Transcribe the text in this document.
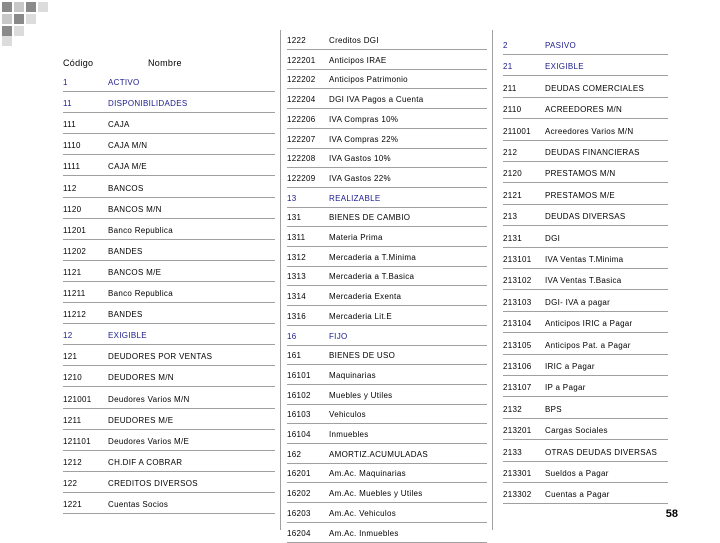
Código	Nombre
1	ACTIVO
11	DISPONIBILIDADES
111	CAJA
1110	CAJA M/N
1111	CAJA M/E
112	BANCOS
1120	BANCOS M/N
11201	Banco Republica
11202	BANDES
1121	BANCOS M/E
11211	Banco Republica
11212	BANDES
12	EXIGIBLE
121	DEUDORES POR VENTAS
1210	DEUDORES M/N
121001 Deudores Varios M/N
1211	DEUDORES M/E
121101 Deudores Varios M/E
1212	CH.DIF A COBRAR
122	CREDITOS DIVERSOS
1221	Cuentas Socios
1222	Creditos DGI
122201 Anticipos IRAE
122202 Anticipos Patrimonio
122204 DGI IVA Pagos a Cuenta
122206 IVA Compras 10%
122207 IVA Compras 22%
122208 IVA Gastos 10%
122209 IVA Gastos 22%
13	REALIZABLE
131	BIENES DE CAMBIO
1311	Materia Prima
1312	Mercaderia a T.Minima
1313	Mercaderia a T.Basica
1314	Mercaderia Exenta
1316	Mercaderia Lit.E
16	FIJO
161	BIENES DE USO
16101 Maquinarias
16102 Muebles y Utiles
16103 Vehiculos
16104 Inmuebles
162	AMORTIZ.ACUMULADAS
16201 Am.Ac. Maquinarias
16202 Am.Ac. Muebles y Utiles
16203 Am.Ac. Vehiculos
16204 Am.Ac. Inmuebles
2	PASIVO
21	EXIGIBLE
211	DEUDAS COMERCIALES
2110	ACREEDORES M/N
211001 Acreedores Varios M/N
212	DEUDAS FINANCIERAS
2120	PRESTAMOS M/N
2121	PRESTAMOS M/E
213	DEUDAS DIVERSAS
2131	DGI
213101 IVA Ventas T.Minima
213102 IVA Ventas T.Basica
213103 DGI- IVA a pagar
213104 Anticipos IRIC a Pagar
213105 Anticipos Pat. a Pagar
213106 IRIC a Pagar
213107 IP a Pagar
2132	BPS
213201 Cargas Sociales
2133	OTRAS DEUDAS DIVERSAS
213301 Sueldos a Pagar
213302 Cuentas a Pagar
58
